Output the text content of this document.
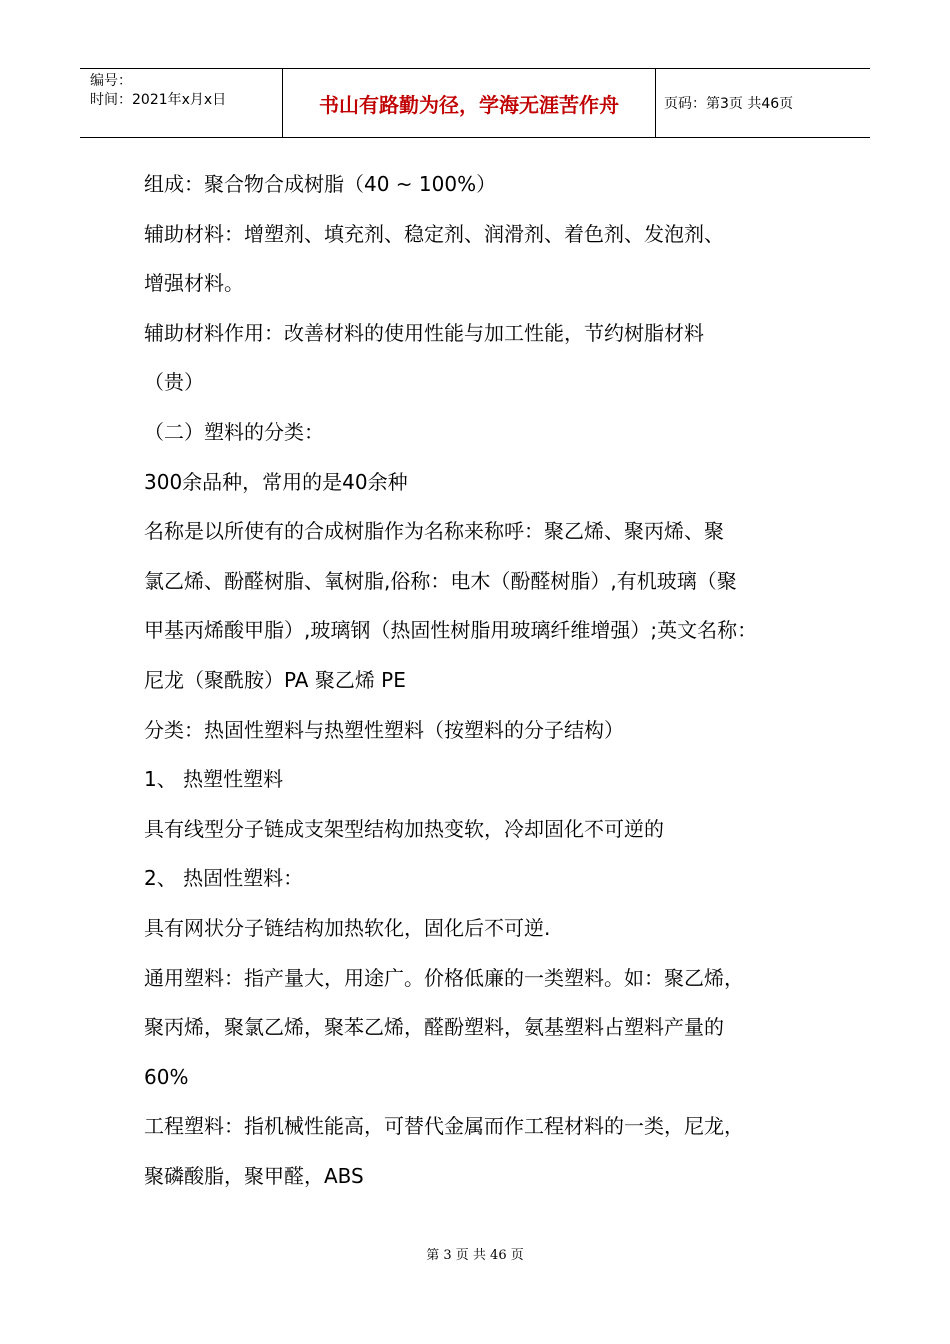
编号：
时间：2021年x月x日	书山有路勤为径，学海无涯苦作舟	页码：第3页 共46页
组成：聚合物合成树脂（40 ~ 100%）
辅助材料：增塑剂、填充剂、稳定剂、润滑剂、着色剂、发泡剂、
增强材料。
辅助材料作用：改善材料的使用性能与加工性能，节约树脂材料
（贵）
（二）塑料的分类：
300余品种，常用的是40余种
名称是以所使有的合成树脂作为名称来称呼：聚乙烯、聚丙烯、聚
氯乙烯、酚醛树脂、氧树脂,俗称：电木（酚醛树脂）,有机玻璃（聚
甲基丙烯酸甲脂）,玻璃钢（热固性树脂用玻璃纤维增强）;英文名称：
尼龙（聚酰胺）PA 聚乙烯 PE
分类：热固性塑料与热塑性塑料（按塑料的分子结构）
1、 热塑性塑料
具有线型分子链成支架型结构加热变软，冷却固化不可逆的
2、 热固性塑料：
具有网状分子链结构加热软化，固化后不可逆.
通用塑料：指产量大，用途广。价格低廉的一类塑料。如：聚乙烯，
聚丙烯，聚氯乙烯，聚苯乙烯，醛酚塑料，氨基塑料占塑料产量的
60%
工程塑料：指机械性能高，可替代金属而作工程材料的一类，尼龙，
聚磷酸脂，聚甲醛，ABS
第 3 页 共 46 页
